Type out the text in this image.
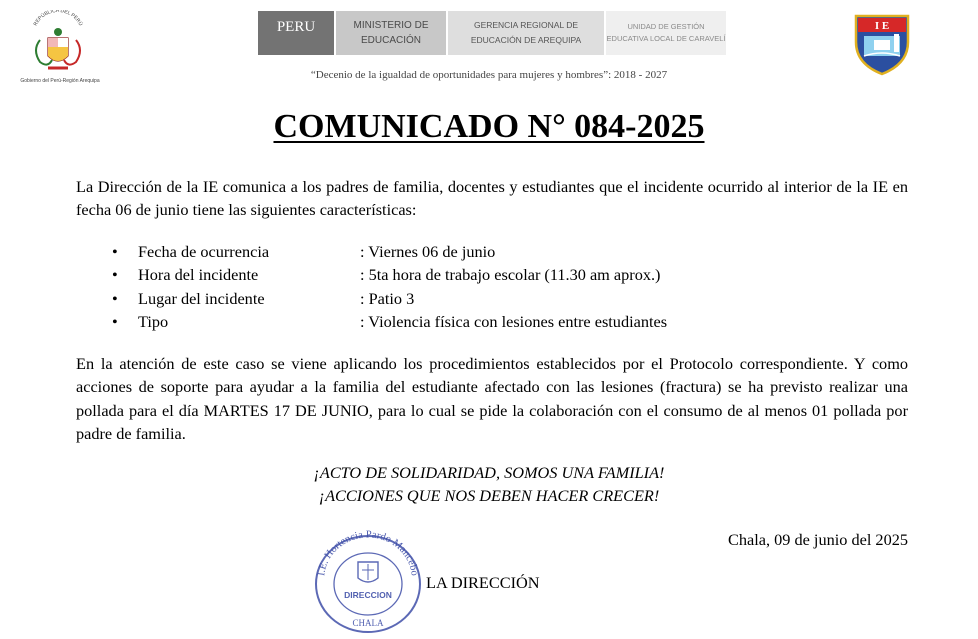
REPÚBLICA DEL PERÚ
Gobierno del Perú-Región Arequipa
PERU	MINISTERIO DE EDUCACIÓN
GERENCIA REGIONAL DE EDUCACIÓN DE AREQUIPA
UNIDAD DE GESTIÓN EDUCATIVA LOCAL DE CARAVELÍ
I E
“Decenio de la igualdad de oportunidades para mujeres y hombres”: 2018 - 2027
COMUNICADO N° 084-2025
La Dirección de la IE comunica a los padres de familia, docentes y estudiantes que el incidente ocurrido al interior de la IE en fecha 06 de junio tiene las siguientes características:
• Fecha de ocurrencia	: Viernes 06 de junio
• Hora del incidente	: 5ta hora de trabajo escolar (11.30 am aprox.)
• Lugar del incidente	: Patio 3
• Tipo	: Violencia física con lesiones entre estudiantes
En la atención de este caso se viene aplicando los procedimientos establecidos por el Protocolo correspondiente. Y como acciones de soporte para ayudar a la familia del estudiante afectado con las lesiones (fractura) se ha previsto realizar una pollada para el día MARTES 17 DE JUNIO, para lo cual se pide la colaboración con el consumo de al menos 01 pollada por padre de familia.
¡ACTO DE SOLIDARIDAD, SOMOS UNA FAMILIA!
¡ACCIONES QUE NOS DEBEN HACER CRECER!
Chala, 09 de junio del 2025
I.E. Hortencia Pardo Mancebo
DIRECCION
CHALA
LA DIRECCIÓN
